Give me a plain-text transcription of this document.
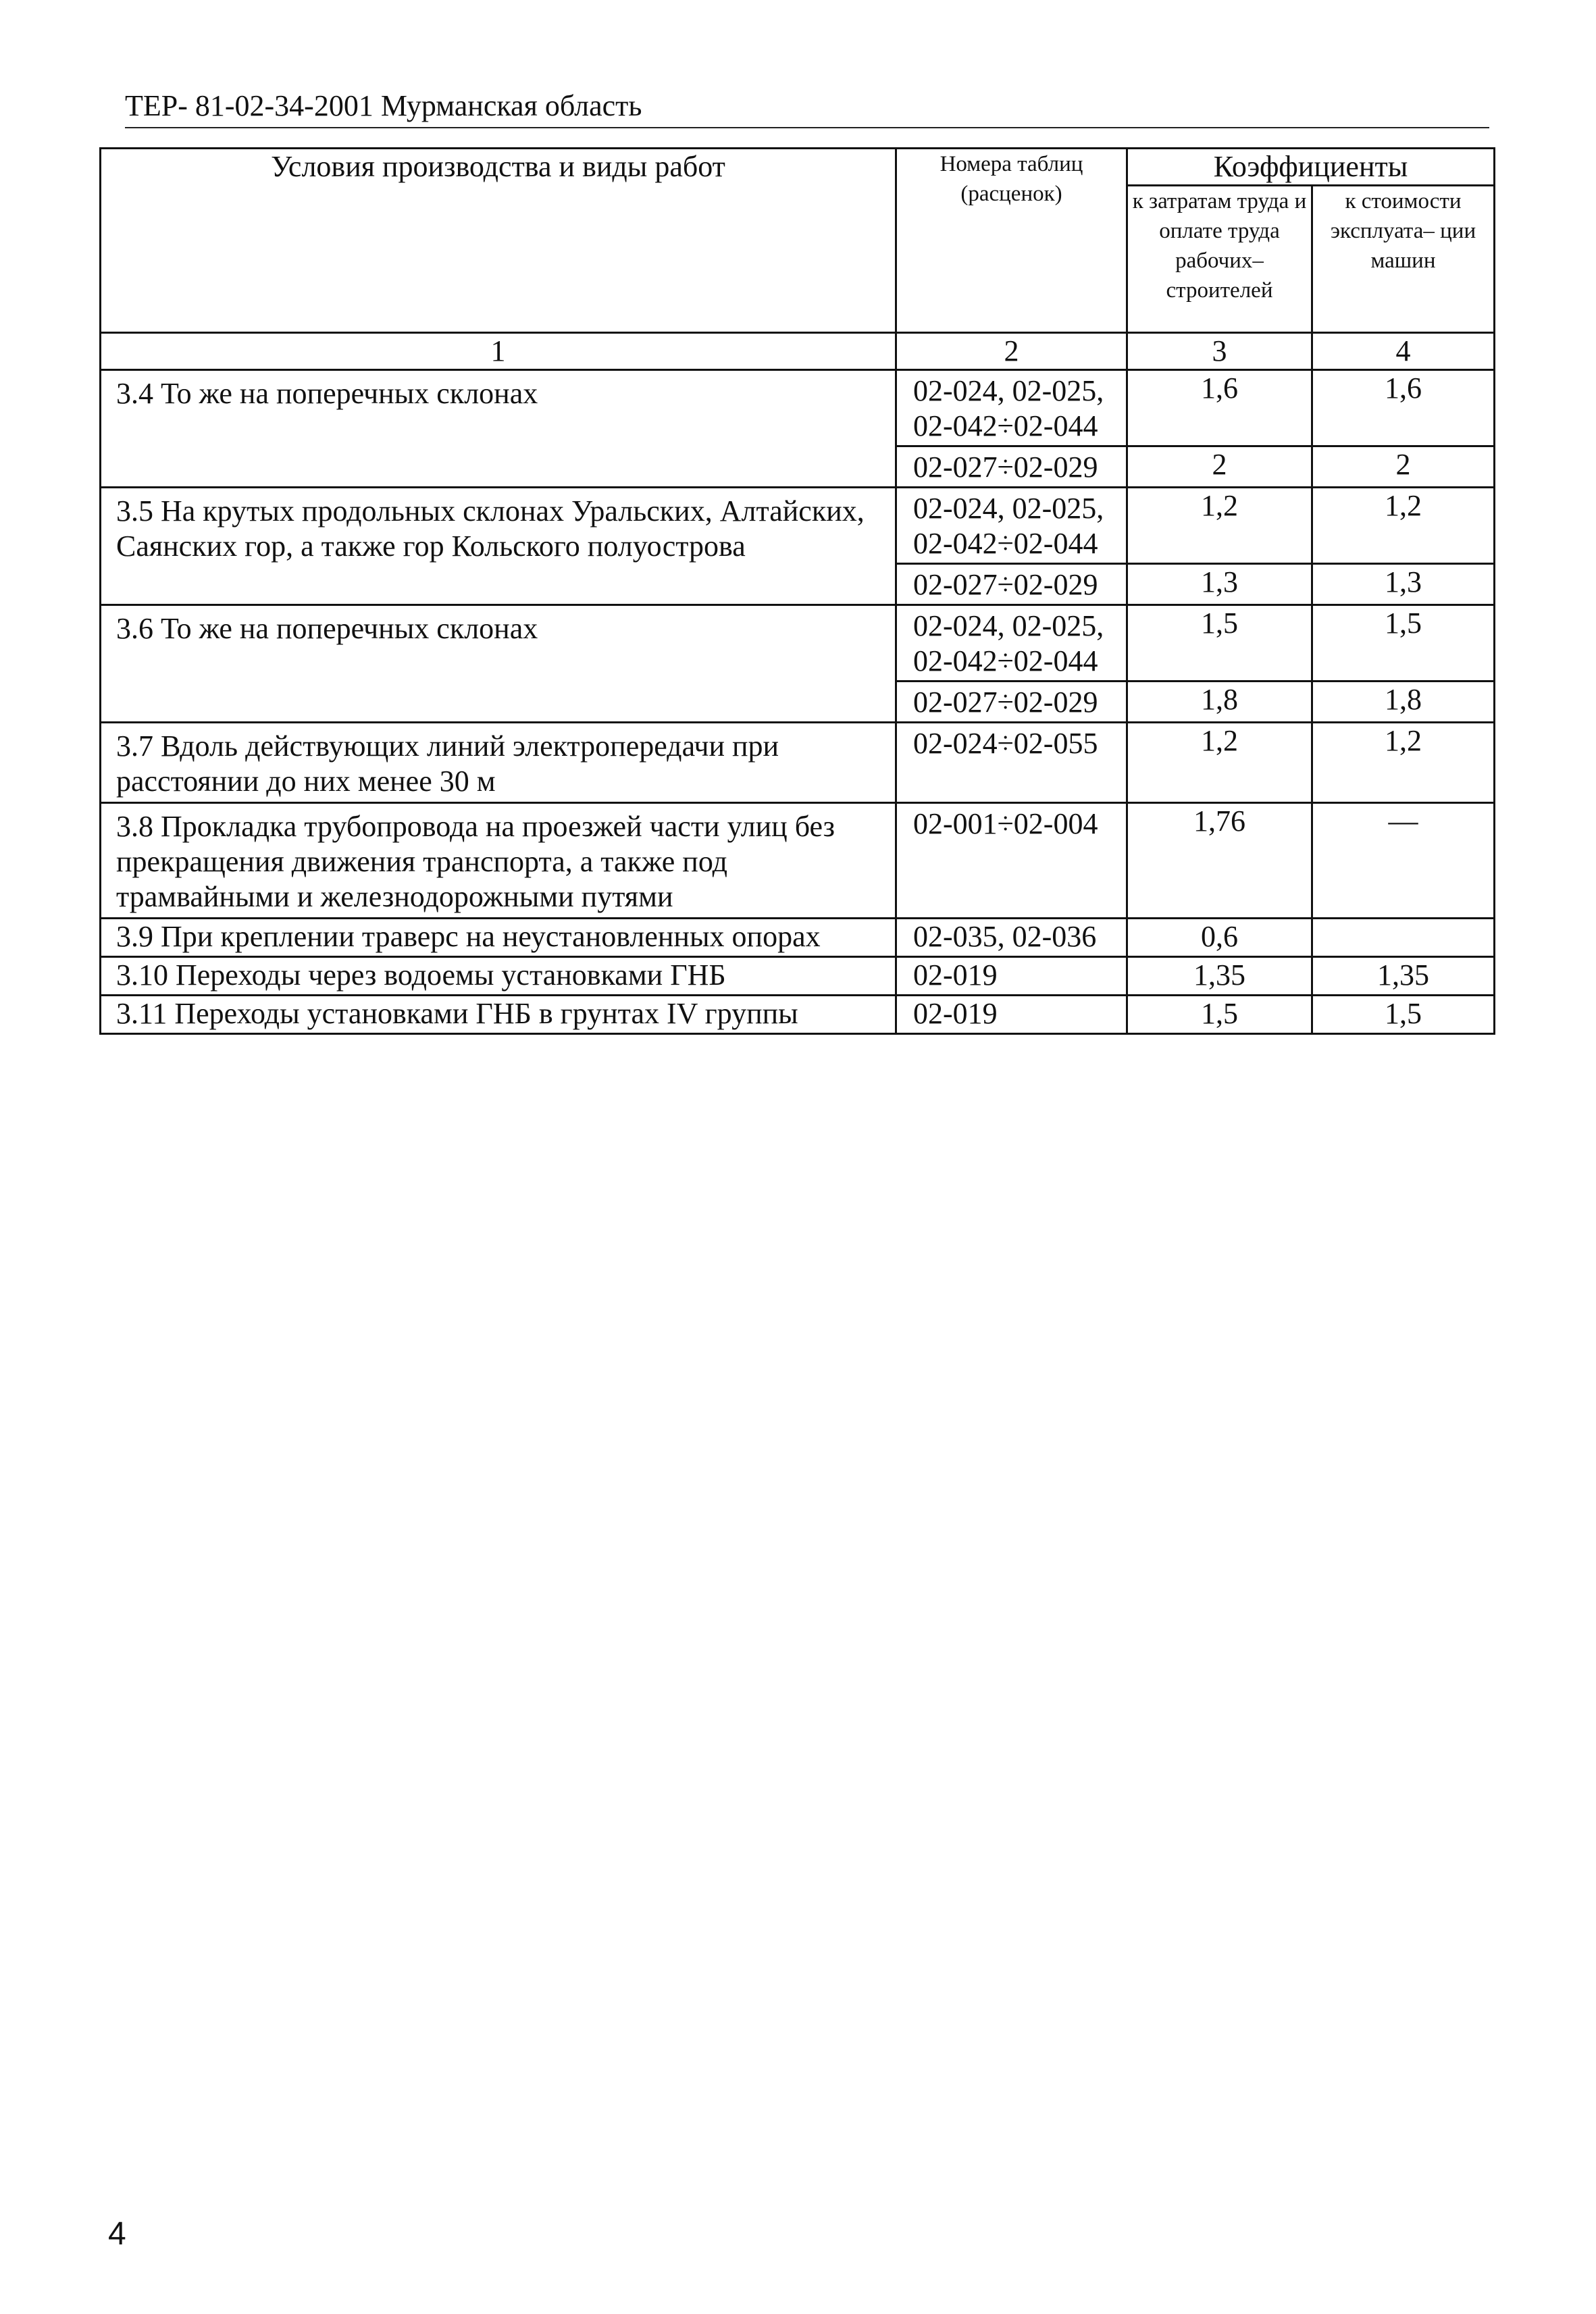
ТЕР- 81-02-34-2001 Мурманская область
Условия производства и виды работ	Номера таблиц (расценок)	Коэффициенты	
		к затратам труда и оплате труда рабочих– строителей	к стоимости эксплуата– ции машин
1	2	3	4
3.4 То же на поперечных склонах	02-024, 02-025, 02-042÷02-044	1,6	1,6
	02-027÷02-029	2	2
3.5 На крутых продольных склонах Уральских, Алтайских, Саянских гор, а также гор Кольского полуострова	02-024, 02-025, 02-042÷02-044	1,2	1,2
	02-027÷02-029	1,3	1,3
3.6 То же на поперечных склонах	02-024, 02-025, 02-042÷02-044	1,5	1,5
	02-027÷02-029	1,8	1,8
3.7 Вдоль действующих линий электропередачи при расстоянии до них менее 30 м	02-024÷02-055	1,2	1,2
3.8 Прокладка трубопровода на проезжей части улиц без прекращения движения транспорта, а также под трамвайными и железнодорожными путями	02-001÷02-004	1,76	—
3.9 При креплении траверс на неустановленных опорах	02-035, 02-036	0,6	
3.10 Переходы через водоемы установками ГНБ	02-019	1,35	1,35
3.11 Переходы установками ГНБ в грунтах IV группы	02-019	1,5	1,5
4
